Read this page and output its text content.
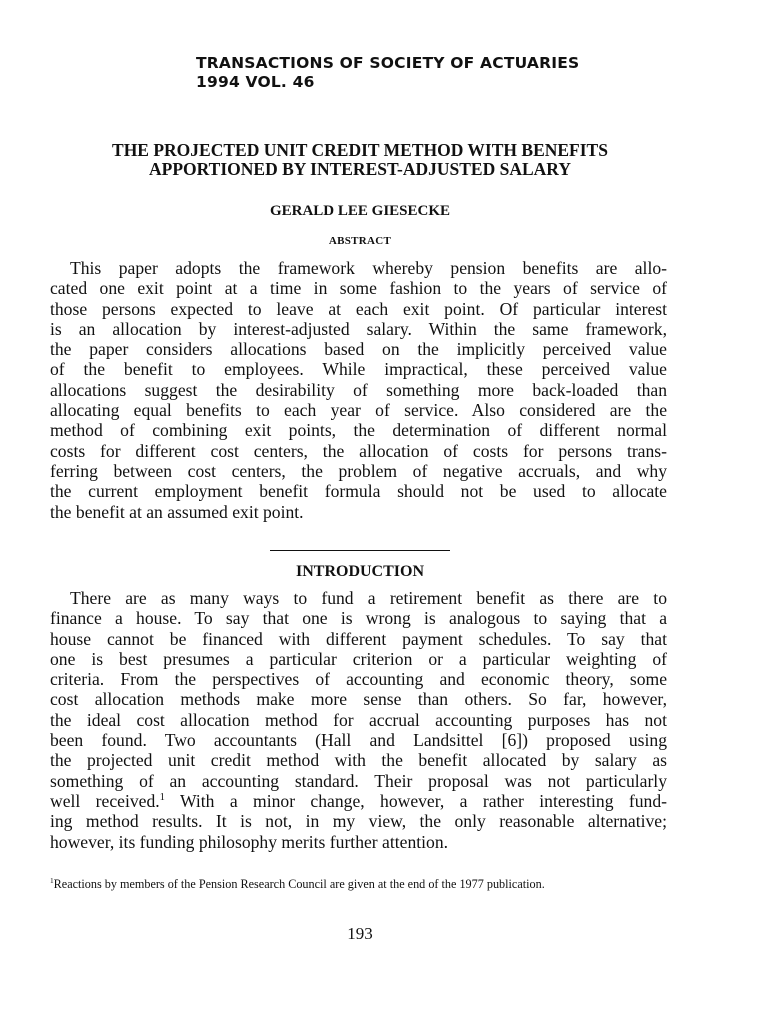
TRANSACTIONS OF SOCIETY OF ACTUARIES
1994 VOL. 46
THE PROJECTED UNIT CREDIT METHOD WITH BENEFITS
APPORTIONED BY INTEREST-ADJUSTED SALARY
GERALD LEE GIESECKE
ABSTRACT
This paper adopts the framework whereby pension benefits are allo-
cated one exit point at a time in some fashion to the years of service of
those persons expected to leave at each exit point. Of particular interest
is an allocation by interest-adjusted salary. Within the same framework,
the paper considers allocations based on the implicitly perceived value
of the benefit to employees. While impractical, these perceived value
allocations suggest the desirability of something more back-loaded than
allocating equal benefits to each year of service. Also considered are the
method of combining exit points, the determination of different normal
costs for different cost centers, the allocation of costs for persons trans-
ferring between cost centers, the problem of negative accruals, and why
the current employment benefit formula should not be used to allocate
the benefit at an assumed exit point.
INTRODUCTION
There are as many ways to fund a retirement benefit as there are to
finance a house. To say that one is wrong is analogous to saying that a
house cannot be financed with different payment schedules. To say that
one is best presumes a particular criterion or a particular weighting of
criteria. From the perspectives of accounting and economic theory, some
cost allocation methods make more sense than others. So far, however,
the ideal cost allocation method for accrual accounting purposes has not
been found. Two accountants (Hall and Landsittel [6]) proposed using
the projected unit credit method with the benefit allocated by salary as
something of an accounting standard. Their proposal was not particularly
well received.$^1$ With a minor change, however, a rather interesting fund-
ing method results. It is not, in my view, the only reasonable alternative;
however, its funding philosophy merits further attention.
$^1$Reactions by members of the Pension Research Council are given at the end of the 1977 publication.
193
